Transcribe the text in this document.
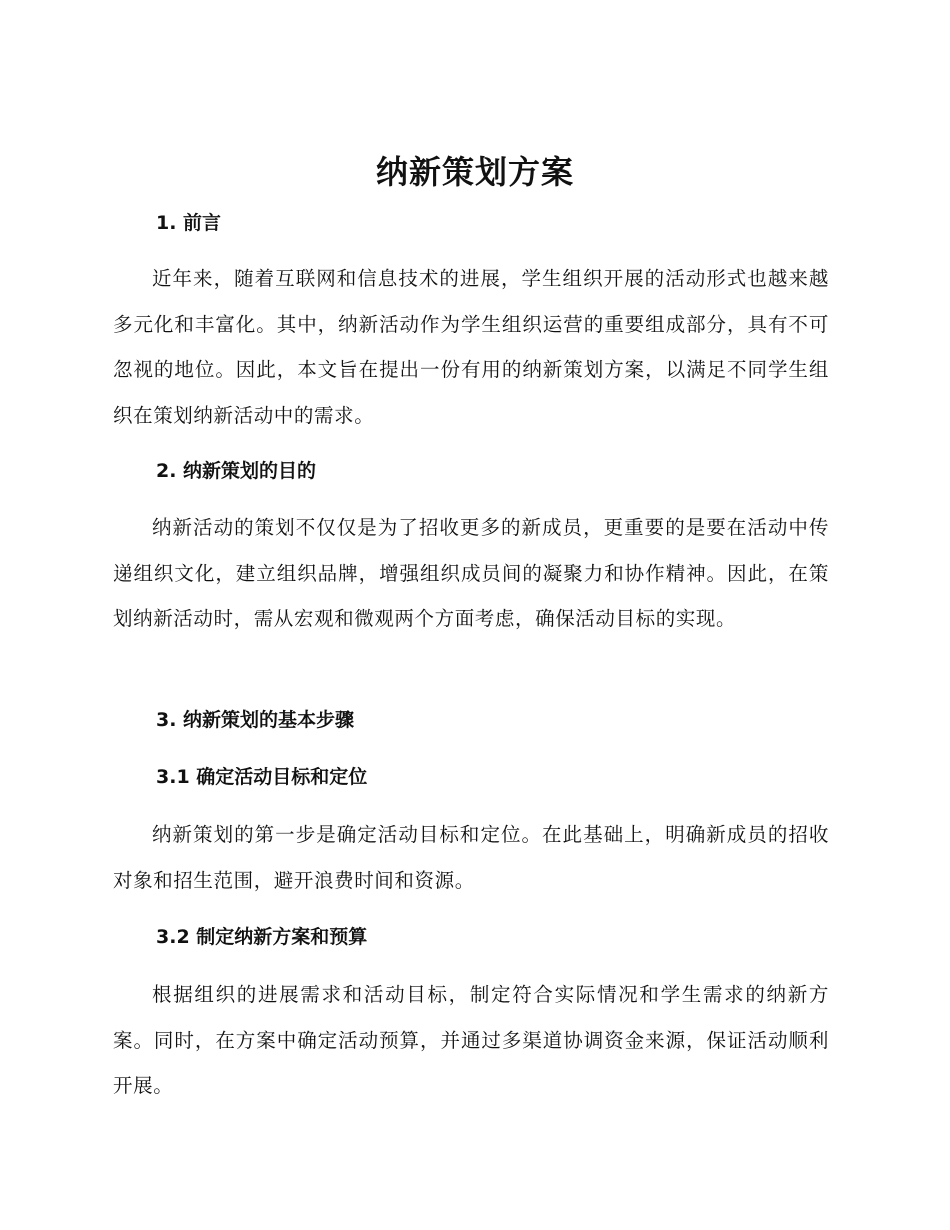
纳新策划方案
1. 前言
近年来，随着互联网和信息技术的进展，学生组织开展的活动形式也越来越多元化和丰富化。其中，纳新活动作为学生组织运营的重要组成部分，具有不可忽视的地位。因此，本文旨在提出一份有用的纳新策划方案，以满足不同学生组织在策划纳新活动中的需求。
2. 纳新策划的目的
纳新活动的策划不仅仅是为了招收更多的新成员，更重要的是要在活动中传递组织文化，建立组织品牌，增强组织成员间的凝聚力和协作精神。因此，在策划纳新活动时，需从宏观和微观两个方面考虑，确保活动目标的实现。
3. 纳新策划的基本步骤
3.1 确定活动目标和定位
纳新策划的第一步是确定活动目标和定位。在此基础上，明确新成员的招收对象和招生范围，避开浪费时间和资源。
3.2 制定纳新方案和预算
根据组织的进展需求和活动目标，制定符合实际情况和学生需求的纳新方案。同时，在方案中确定活动预算，并通过多渠道协调资金来源，保证活动顺利开展。
